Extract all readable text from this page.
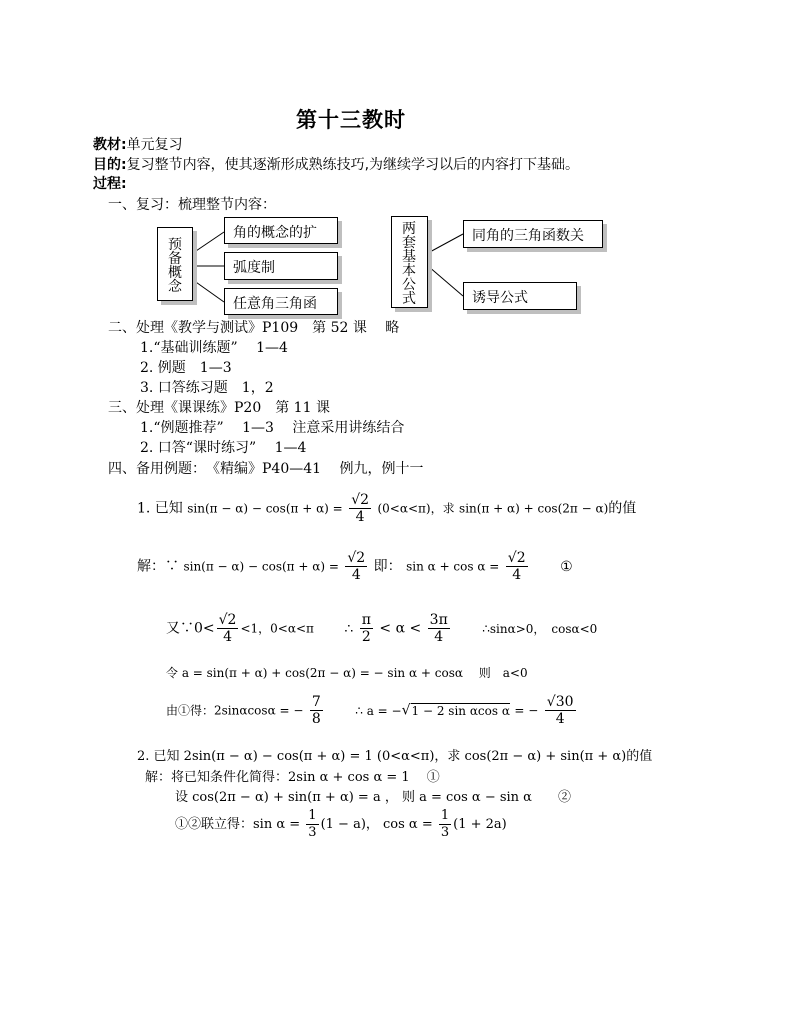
第十三教时
教材:单元复习
目的:复习整节内容，使其逐渐形成熟练技巧,为继续学习以后的内容打下基础。
过程:
一、复习：梳理整节内容：
预备概念
角的概念的扩
弧度制
任意角三角函
两套基本公式
同角的三角函数关
诱导公式
二、处理《教学与测试》P109　第 52 课　 略
1.“基础训练题”　 1—4
2. 例题　1—3
3. 口答练习题　1，2
三、处理《课课练》P20　第 11 课
1.“例题推荐”　 1—3　 注意采用讲练结合
2. 口答“课时练习”　 1—4
四、备用例题：　《精编》P40—41　 例九，例十一
1. 已知 $\sin(\pi - \alpha) - \cos(\pi + \alpha) = \frac{√2}{4} (0<\alpha<\pi)$，求 sin(π + α) + cos(2π − α)的值
解：∵ $\sin(\pi - \alpha) - \cos(\pi + \alpha) = \frac{√2}{4}$ 即： $\sin \alpha + \cos \alpha = \frac{√2}{4}$ ①
又∵0< $\frac{√2}{4} <1$，0<α<π ∴ $\frac{\pi}{2} < \alpha < \frac{3\pi}{4}$	∴sinα>0，　cosα<0
令 a = sin(π + α) + cos(2π − α) = − sin α + cosα　 则　a<0
由①得：2sinαcosα = − $\frac{7}{8}$	∴ a = −√1 − 2 sin αcos α = − $\frac{√30}{4}$
2. 已知 2sin(π − α) − cos(π + α) = 1 (0<α<π)，求 cos(2π − α) + sin(π + α)的值
解：将已知条件化简得：2sin α + cos α = 1　 ①
设 cos(2π − α) + sin(π + α) = a ， 则 a = cos α − sin α　　②
①②联立得：$\sin \alpha = \frac{1}{3} (1 - a)$， $\cos \alpha = \frac{1}{3} (1 + 2a)$
